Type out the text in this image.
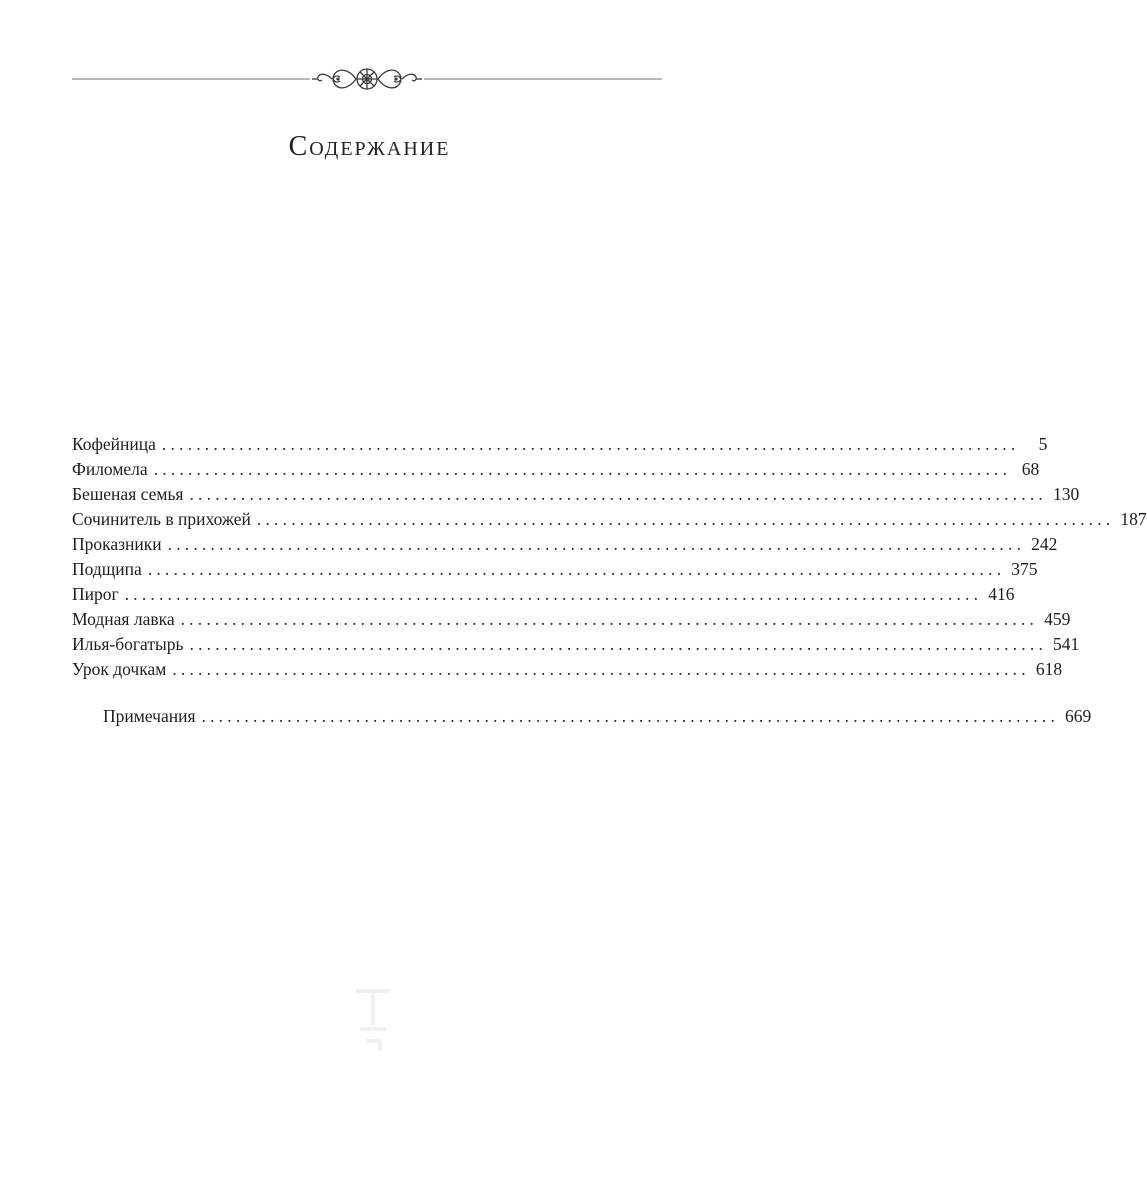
Содержание
Кофейница ....................................................................................................	5
Филомела .................................................................................................... 68
Бешеная семья .................................................................................................... 130
Сочинитель в прихожей .................................................................................................... 187
Проказники .................................................................................................... 242
Подщипа .................................................................................................... 375
Пирог .................................................................................................... 416
Модная лавка .................................................................................................... 459
Илья-богатырь .................................................................................................... 541
Урок дочкам .................................................................................................... 618
Примечания .................................................................................................... 669
